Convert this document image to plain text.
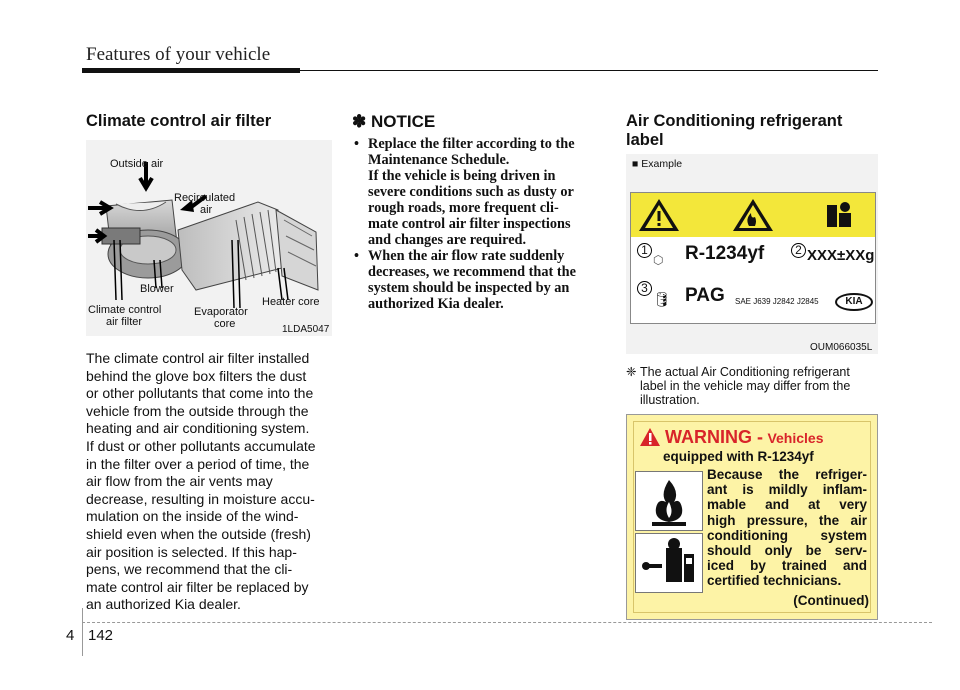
Features of your vehicle
Climate control air filter
Outside air
Recirculated
air
Blower
Climate control
air filter
Evaporator
core
Heater core
1LDA5047
The climate control air filter installed
behind the glove box filters the dust
or other pollutants that come into the
vehicle from the outside through the
heating and air conditioning system.
If dust or other pollutants accumulate
in the filter over a period of time, the
air flow from the air vents may
decrease, resulting in moisture accu-
mulation on the inside of the wind-
shield even when the outside (fresh)
air position is selected. If this hap-
pens, we recommend that the cli-
mate control air filter be replaced by
an authorized Kia dealer.
✽ NOTICE
• Replace the filter according to the
Maintenance Schedule.
If the vehicle is being driven in
severe conditions such as dusty or
rough roads, more frequent cli-
mate control air filter inspections
and changes are required.
• When the air flow rate suddenly
decreases, we recommend that the
system should be inspected by an
authorized Kia dealer.
Air Conditioning refrigerant
label
■ Example
1
⬡ R-1234yf	2 XXX±XXg
3
🛢 PAG SAE J639 J2842 J2845	KIA
OUM066035L
❈ The actual Air Conditioning refrigerant
label in the vehicle may differ from the
illustration.
WARNING - Vehicles
equipped with R-1234yf
Because the refriger-
ant is mildly inflam-
mable and at very
high pressure, the air
conditioning system
should only be serv-
iced by trained and
certified technicians.
(Continued)
4 142
